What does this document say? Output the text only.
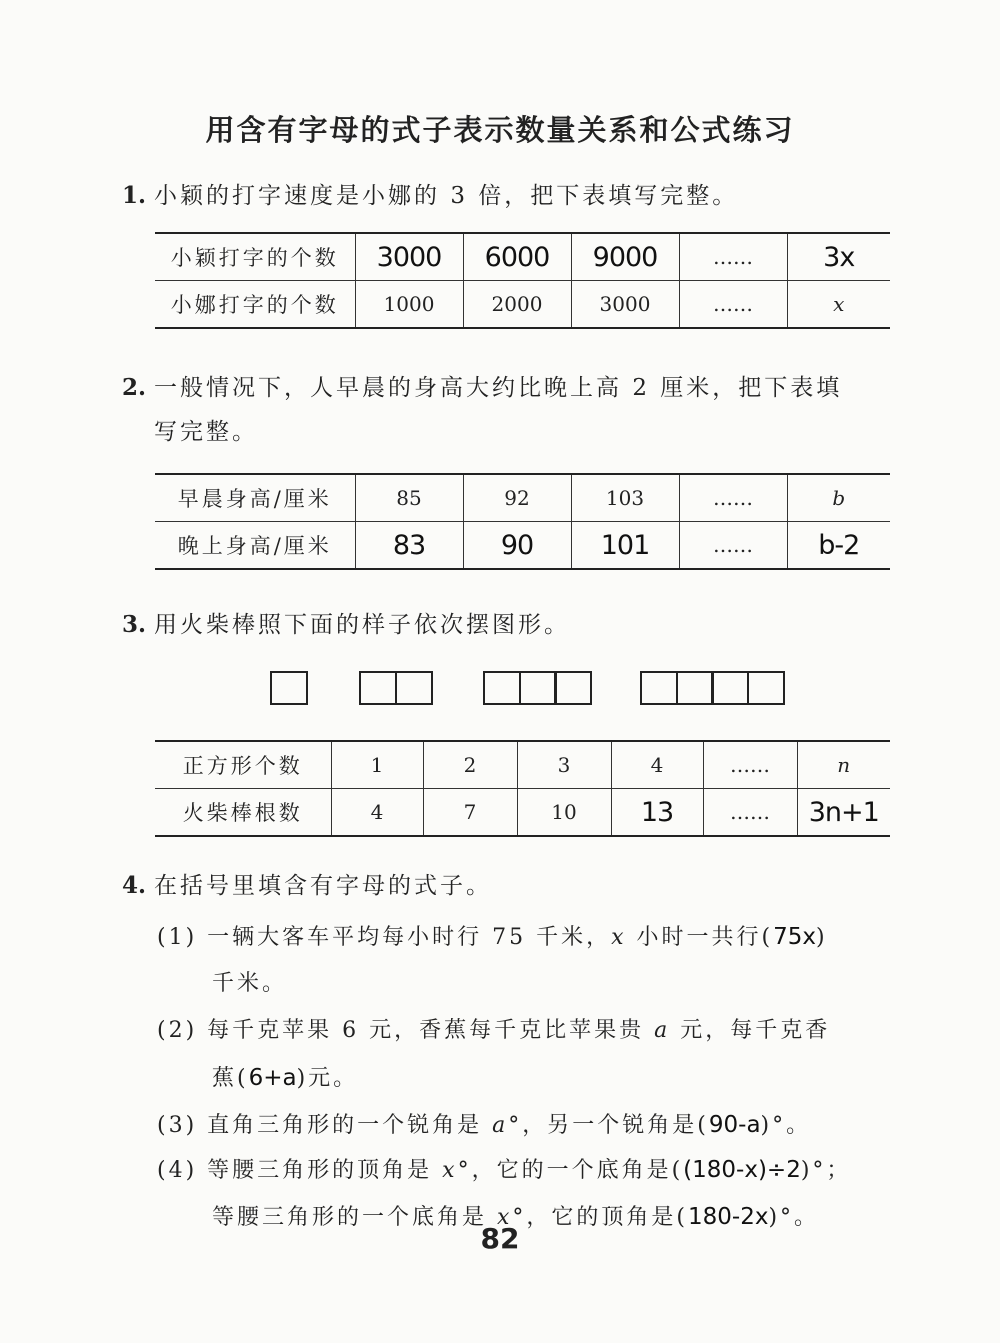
用含有字母的式子表示数量关系和公式练习
1. 小颖的打字速度是小娜的 3 倍，把下表填写完整。
小颖打字的个数	3000	6000	9000	……	3x
小娜打字的个数	1000	2000	3000	……	x
2. 一般情况下，人早晨的身高大约比晚上高 2 厘米，把下表填
写完整。
早晨身高/厘米	85	92	103	……	b
晚上身高/厘米	83	90	101	……	b-2
3. 用火柴棒照下面的样子依次摆图形。
正方形个数	1	2	3	4	……	n
火柴棒根数	4	7	10	13	……	3n+1
4. 在括号里填含有字母的式子。
(1) 一辆大客车平均每小时行 75 千米，x 小时一共行(75x)
千米。
(2) 每千克苹果 6 元，香蕉每千克比苹果贵 a 元，每千克香
蕉(6+a)元。
(3) 直角三角形的一个锐角是 a°，另一个锐角是(90-a)°。
(4) 等腰三角形的顶角是 x°，它的一个底角是((180-x)÷2)°；
等腰三角形的一个底角是 x°，它的顶角是(180-2x)°。
82
